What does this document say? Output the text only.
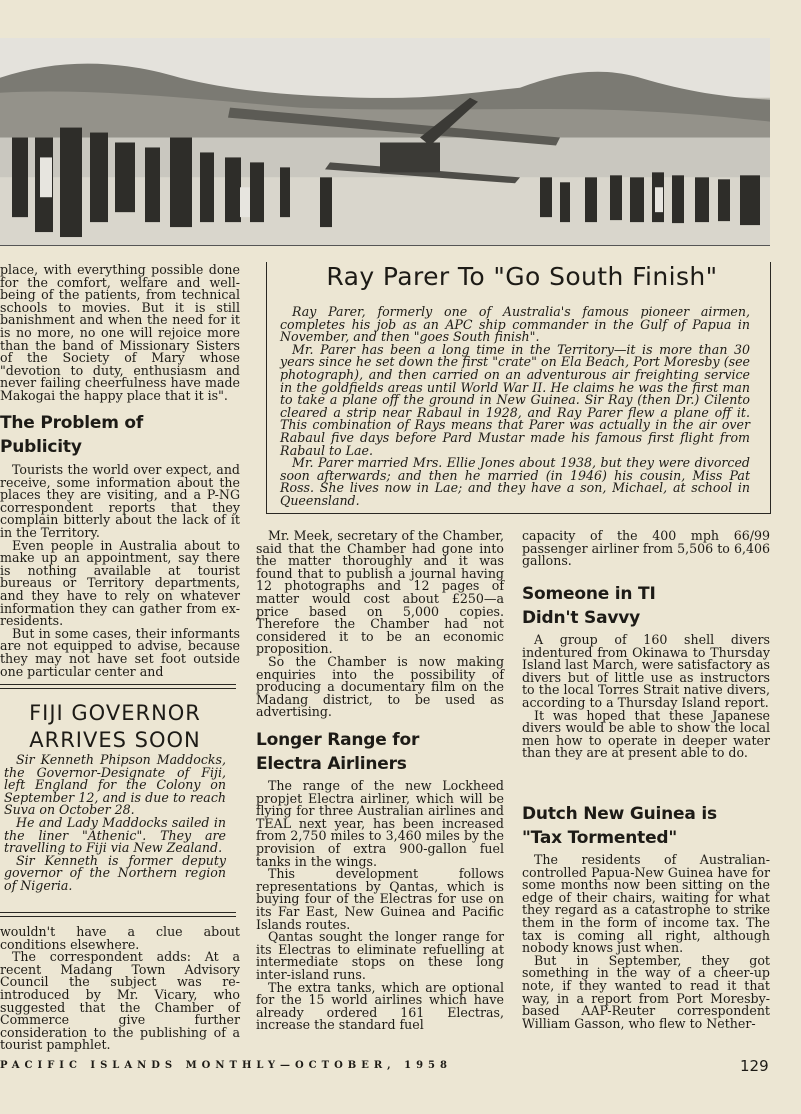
place, with everything possible done for the comfort, welfare and well-being of the patients, from technical schools to movies. But it is still banishment and when the need for it is no more, no one will rejoice more than the band of Missionary Sisters of the Society of Mary whose "devotion to duty, enthusiasm and never failing cheerfulness have made Makogai the happy place that it is".

The Problem of
Publicity

Tourists the world over expect, and receive, some information about the places they are visiting, and a P-NG correspondent reports that they complain bitterly about the lack of it in the Territory.

Even people in Australia about to make up an appointment, say there is nothing available at tourist bureaus or Territory departments, and they have to rely on whatever information they can gather from ex-residents.

But in some cases, their informants are not equipped to advise, because they may not have set foot outside one particular center and

FIJI GOVERNOR
ARRIVES SOON

Sir Kenneth Phipson Maddocks, the Governor-Designate of Fiji, left England for the Colony on September 12, and is due to reach Suva on October 28.

He and Lady Maddocks sailed in the liner "Athenic". They are travelling to Fiji via New Zealand.

Sir Kenneth is former deputy governor of the Northern region of Nigeria.

wouldn't have a clue about conditions elsewhere.

The correspondent adds: At a recent Madang Town Advisory Council the subject was re-introduced by Mr. Vicary, who suggested that the Chamber of Commerce give further consideration to the publishing of a tourist pamphlet.

Ray Parer To "Go South Finish"

Ray Parer, formerly one of Australia's famous pioneer airmen, completes his job as an APC ship commander in the Gulf of Papua in November, and then "goes South finish".

Mr. Parer has been a long time in the Territory—it is more than 30 years since he set down the first "crate" on Ela Beach, Port Moresby (see photograph), and then carried on an adventurous air freighting service in the goldfields areas until World War II. He claims he was the first man to take a plane off the ground in New Guinea. Sir Ray (then Dr.) Cilento cleared a strip near Rabaul in 1928, and Ray Parer flew a plane off it. This combination of Rays means that Parer was actually in the air over Rabaul five days before Pard Mustar made his famous first flight from Rabaul to Lae.

Mr. Parer married Mrs. Ellie Jones about 1938, but they were divorced soon afterwards; and then he married (in 1946) his cousin, Miss Pat Ross. She lives now in Lae; and they have a son, Michael, at school in Queensland.

Mr. Meek, secretary of the Chamber, said that the Chamber had gone into the matter thoroughly and it was found that to publish a journal having 12 photographs and 12 pages of matter would cost about £250—a price based on 5,000 copies. Therefore the Chamber had not considered it to be an economic proposition.

So the Chamber is now making enquiries into the possibility of producing a documentary film on the Madang district, to be used as advertising.

Longer Range for
Electra Airliners

The range of the new Lockheed propjet Electra airliner, which will be flying for three Australian airlines and TEAL next year, has been increased from 2,750 miles to 3,460 miles by the provision of extra 900-gallon fuel tanks in the wings.

This development follows representations by Qantas, which is buying four of the Electras for use on its Far East, New Guinea and Pacific Islands routes.

Qantas sought the longer range for its Electras to eliminate refuelling at intermediate stops on these long inter-island runs.

The extra tanks, which are optional for the 15 world airlines which have already ordered 161 Electras, increase the standard fuel

capacity of the 400 mph 66/99 passenger airliner from 5,506 to 6,406 gallons.

Someone in TI
Didn't Savvy

A group of 160 shell divers indentured from Okinawa to Thursday Island last March, were satisfactory as divers but of little use as instructors to the local Torres Strait native divers, according to a Thursday Island report.

It was hoped that these Japanese divers would be able to show the local men how to operate in deeper water than they are at present able to do.

Dutch New Guinea is
"Tax Tormented"

The residents of Australian-controlled Papua-New Guinea have for some months now been sitting on the edge of their chairs, waiting for what they regard as a catastrophe to strike them in the form of income tax. The tax is coming all right, although nobody knows just when.

But in September, they got something in the way of a cheer-up note, if they wanted to read it that way, in a report from Port Moresby-based AAP-Reuter correspondent William Gasson, who flew to Nether-

PACIFIC ISLANDS MONTHLY—OCTOBER, 1958	129
